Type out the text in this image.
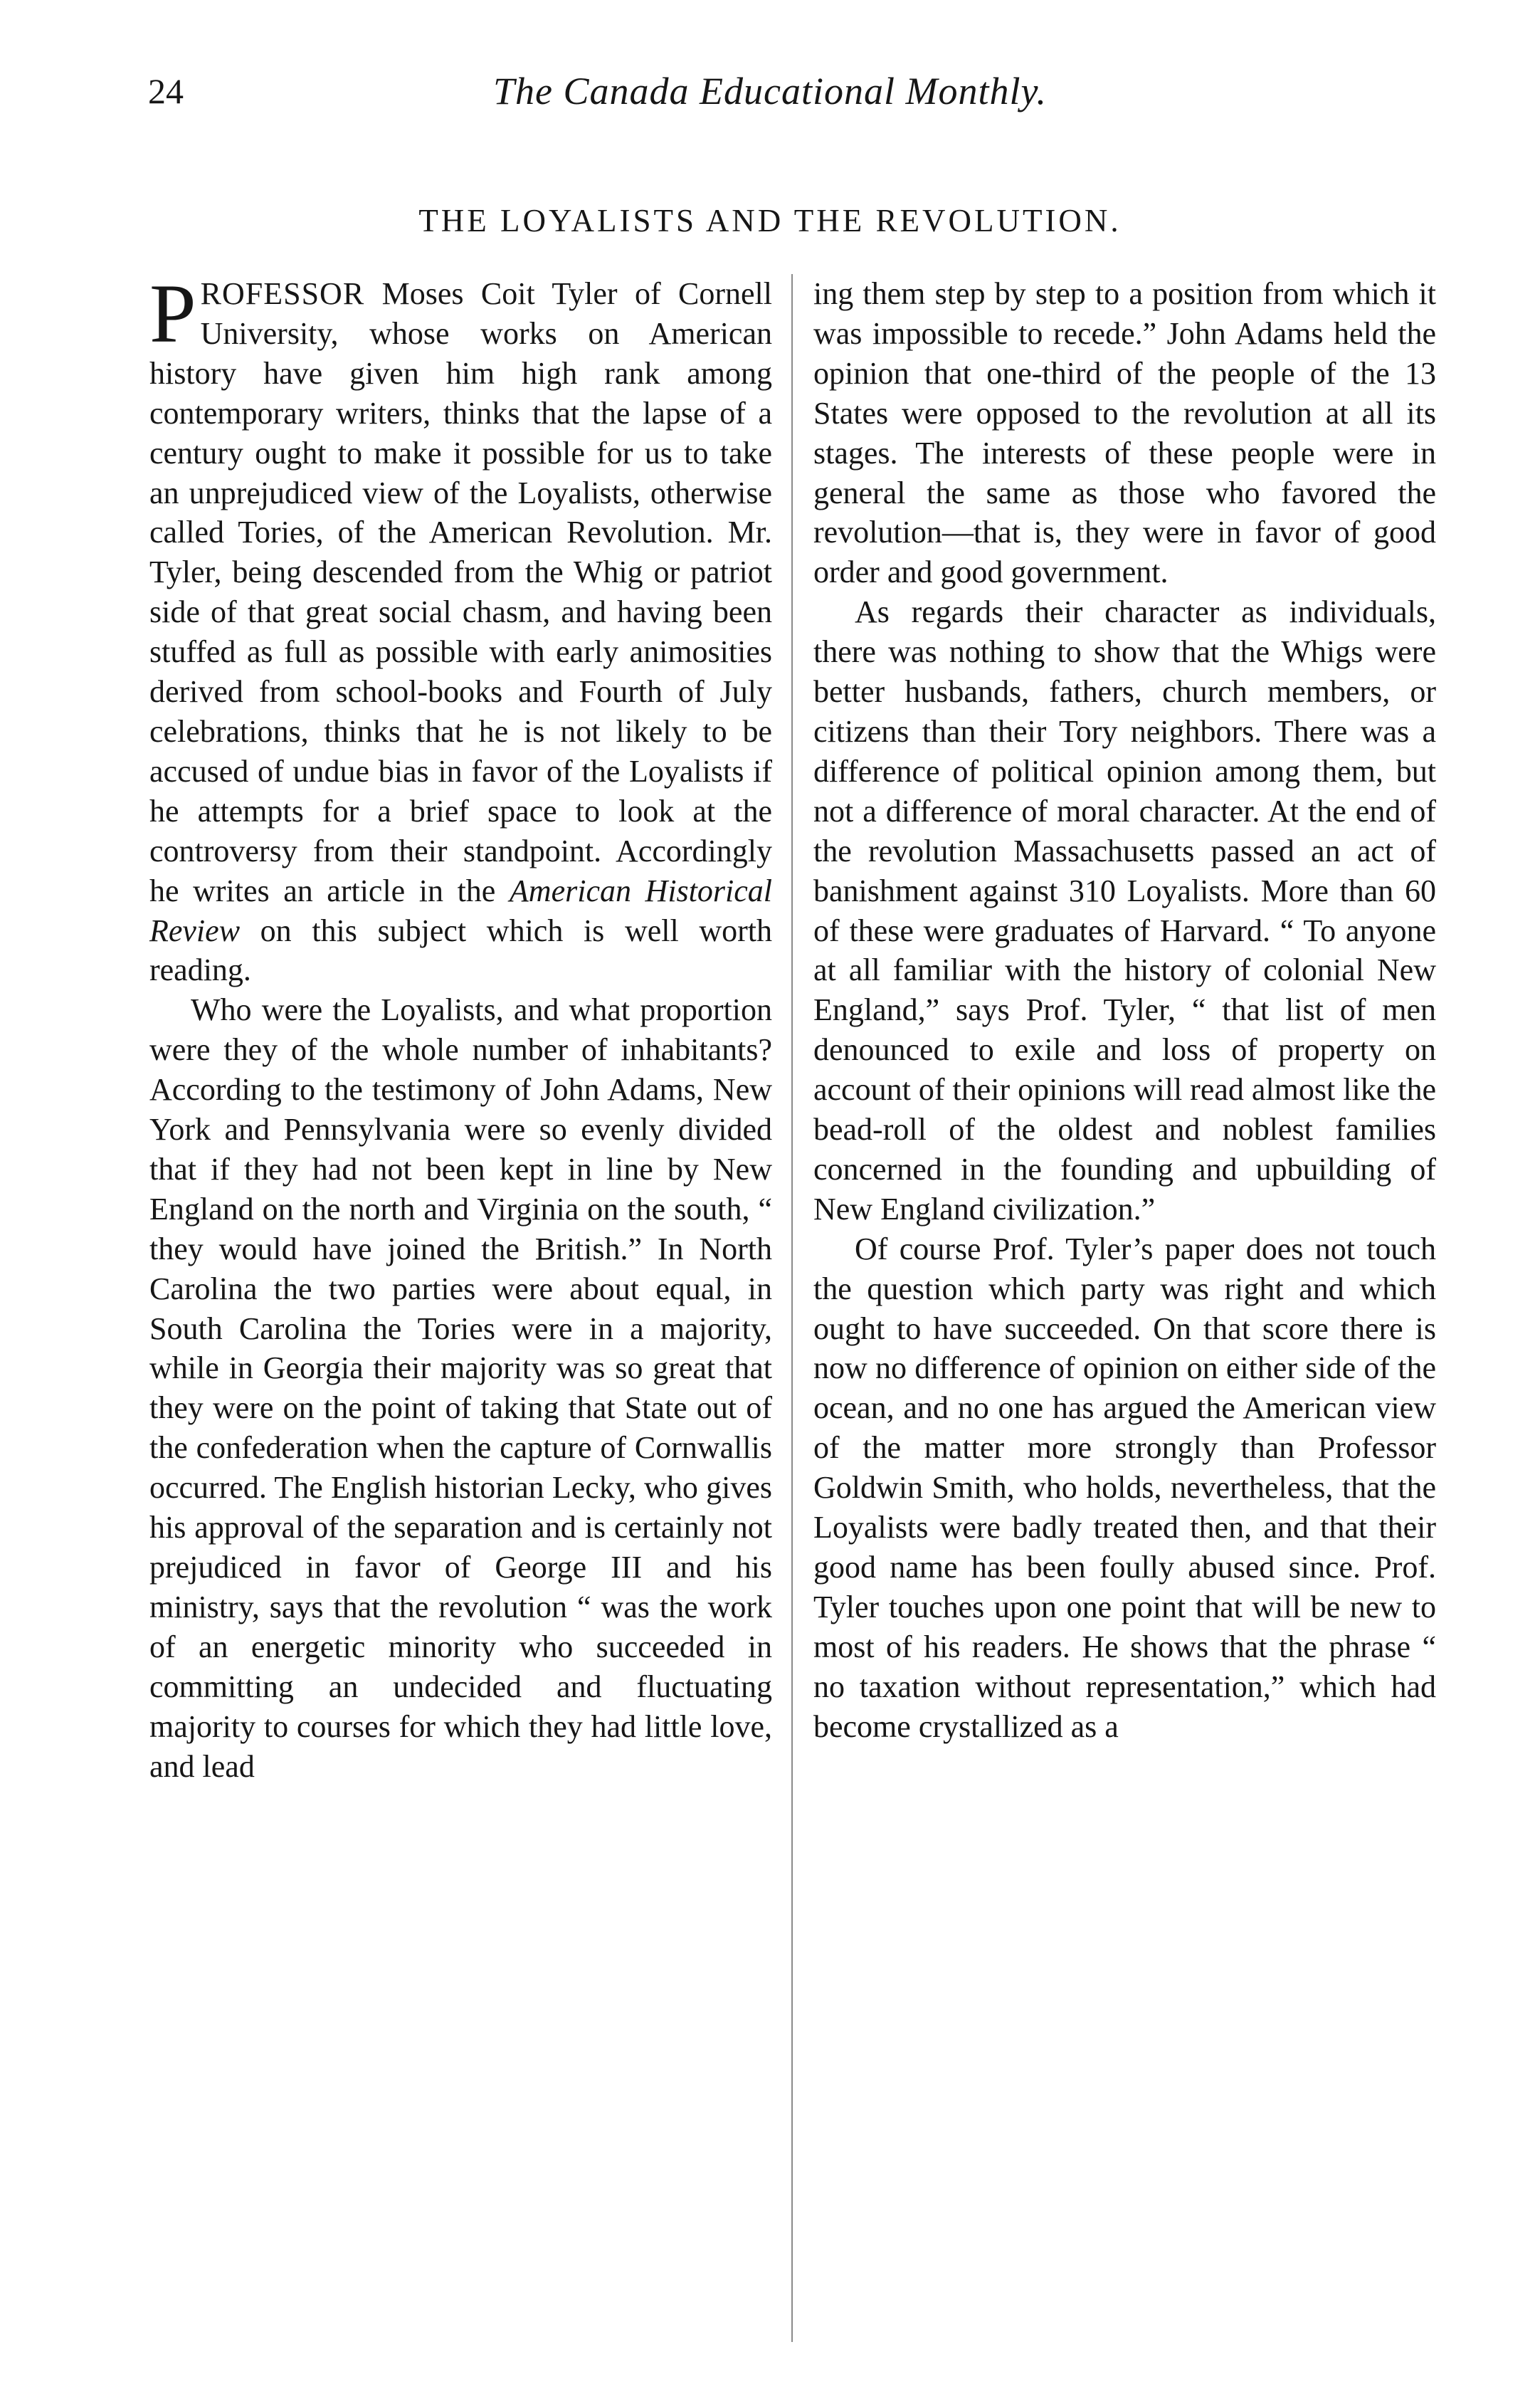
24	The Canada Educational Monthly.
THE LOYALISTS AND THE REVOLUTION.

PROFESSOR Moses Coit Tyler of Cornell University, whose works on American history have given him high rank among contemporary writers, thinks that the lapse of a century ought to make it possible for us to take an unprejudiced view of the Loyalists, otherwise called Tories, of the American Revolution. Mr. Tyler, being descended from the Whig or patriot side of that great social chasm, and having been stuffed as full as possible with early animosities derived from school-books and Fourth of July celebrations, thinks that he is not likely to be accused of undue bias in favor of the Loyalists if he attempts for a brief space to look at the controversy from their standpoint. Accordingly he writes an article in the American Historical Review on this subject which is well worth reading.

Who were the Loyalists, and what proportion were they of the whole number of inhabitants? According to the testimony of John Adams, New York and Pennsylvania were so evenly divided that if they had not been kept in line by New England on the north and Virginia on the south, “ they would have joined the British.” In North Carolina the two parties were about equal, in South Carolina the Tories were in a majority, while in Georgia their majority was so great that they were on the point of taking that State out of the confederation when the capture of Cornwallis occurred. The English historian Lecky, who gives his approval of the separation and is certainly not prejudiced in favor of George III and his ministry, says that the revolution “ was the work of an energetic minority who succeeded in committing an undecided and fluctuating majority to courses for which they had little love, and lead

ing them step by step to a position from which it was impossible to recede.” John Adams held the opinion that one-third of the people of the 13 States were opposed to the revolution at all its stages. The interests of these people were in general the same as those who favored the revolution—that is, they were in favor of good order and good government.

As regards their character as individuals, there was nothing to show that the Whigs were better husbands, fathers, church members, or citizens than their Tory neighbors. There was a difference of political opinion among them, but not a difference of moral character. At the end of the revolution Massachusetts passed an act of banishment against 310 Loyalists. More than 60 of these were graduates of Harvard. “ To anyone at all familiar with the history of colonial New England,” says Prof. Tyler, “ that list of men denounced to exile and loss of property on account of their opinions will read almost like the bead-roll of the oldest and noblest families concerned in the founding and upbuilding of New England civilization.”

Of course Prof. Tyler’s paper does not touch the question which party was right and which ought to have succeeded. On that score there is now no difference of opinion on either side of the ocean, and no one has argued the American view of the matter more strongly than Professor Goldwin Smith, who holds, nevertheless, that the Loyalists were badly treated then, and that their good name has been foully abused since. Prof. Tyler touches upon one point that will be new to most of his readers. He shows that the phrase “ no taxation without representation,” which had become crystallized as a
